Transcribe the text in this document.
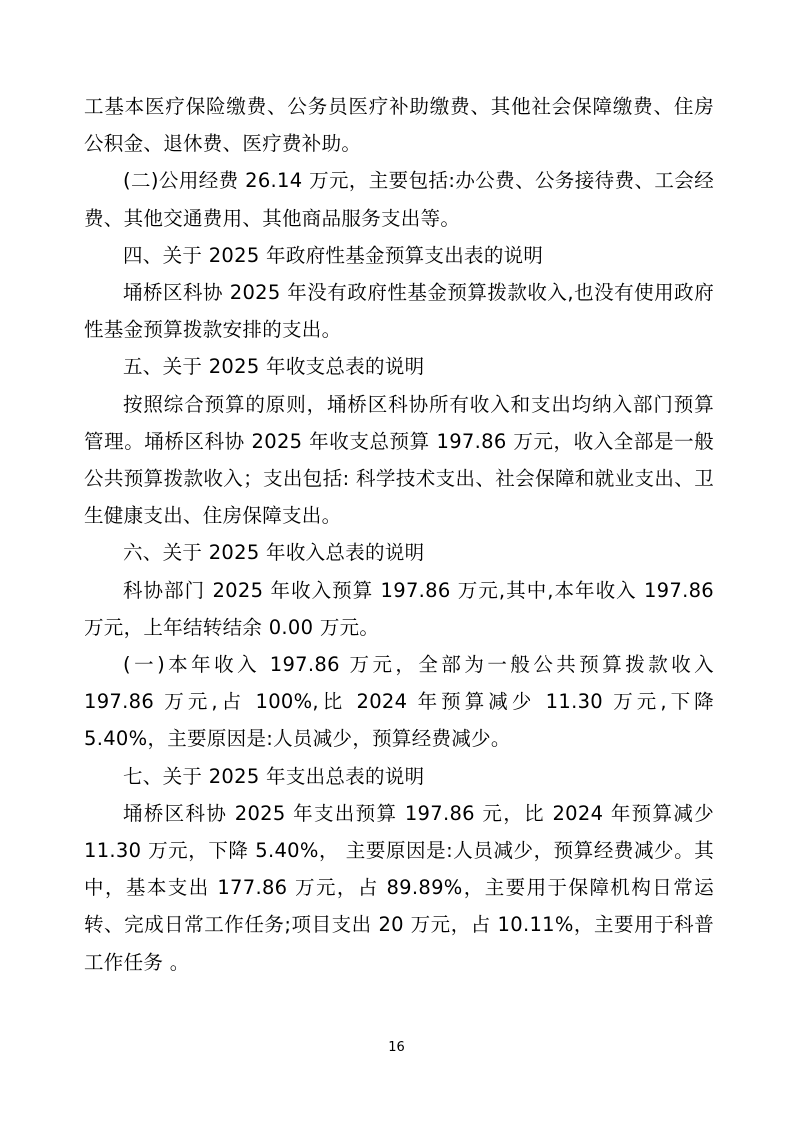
工基本医疗保险缴费、公务员医疗补助缴费、其他社会保障缴费、住房公积金、退休费、医疗费补助。

(二)公用经费 26.14 万元，主要包括:办公费、公务接待费、工会经费、其他交通费用、其他商品服务支出等。

四、关于 2025 年政府性基金预算支出表的说明

埇桥区科协 2025 年没有政府性基金预算拨款收入,也没有使用政府性基金预算拨款安排的支出。

五、关于 2025 年收支总表的说明

按照综合预算的原则，埇桥区科协所有收入和支出均纳入部门预算管理。埇桥区科协 2025 年收支总预算 197.86 万元，收入全部是一般公共预算拨款收入；支出包括: 科学技术支出、社会保障和就业支出、卫生健康支出、住房保障支出。

六、关于 2025 年收入总表的说明

科协部门 2025 年收入预算 197.86 万元,其中,本年收入 197.86 万元，上年结转结余 0.00 万元。

(一)本年收入 197.86 万元，全部为一般公共预算拨款收入 197.86 万元,占 100%,比 2024 年预算减少 11.30 万元,下降 5.40%，主要原因是:人员减少，预算经费减少。

七、关于 2025 年支出总表的说明

埇桥区科协 2025 年支出预算 197.86 元，比 2024 年预算减少 11.30 万元，下降 5.40%， 主要原因是:人员减少，预算经费减少。其中，基本支出 177.86 万元，占 89.89%，主要用于保障机构日常运转、完成日常工作任务;项目支出 20 万元，占 10.11%，主要用于科普工作任务 。

16
